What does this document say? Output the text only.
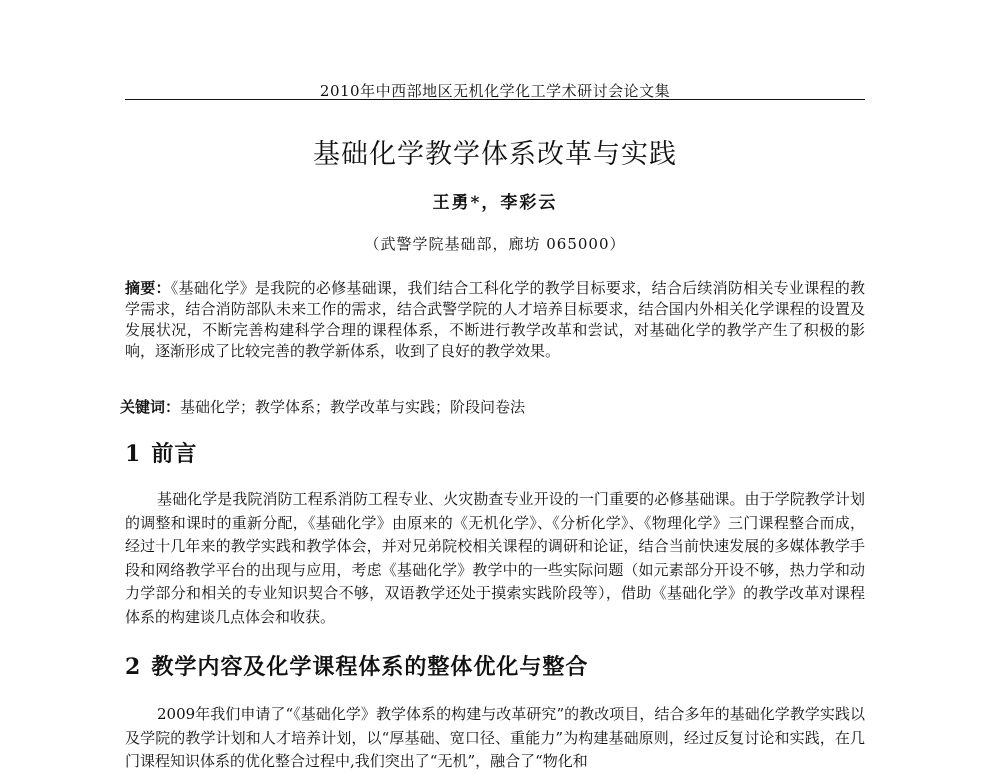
2010年中西部地区无机化学化工学术研讨会论文集
基础化学教学体系改革与实践
王勇*，李彩云
（武警学院基础部，廊坊 065000）
摘要：《基础化学》是我院的必修基础课，我们结合工科化学的教学目标要求，结合后续消防相关专业课程的教学需求，结合消防部队未来工作的需求，结合武警学院的人才培养目标要求，结合国内外相关化学课程的设置及发展状况，不断完善构建科学合理的课程体系，不断进行教学改革和尝试，对基础化学的教学产生了积极的影响，逐渐形成了比较完善的教学新体系，收到了良好的教学效果。
关键词：基础化学；教学体系；教学改革与实践；阶段问卷法
1 前言
基础化学是我院消防工程系消防工程专业、火灾勘查专业开设的一门重要的必修基础课。由于学院教学计划的调整和课时的重新分配，《基础化学》由原来的《无机化学》、《分析化学》、《物理化学》三门课程整合而成，经过十几年来的教学实践和教学体会，并对兄弟院校相关课程的调研和论证，结合当前快速发展的多媒体教学手段和网络教学平台的出现与应用，考虑《基础化学》教学中的一些实际问题（如元素部分开设不够，热力学和动力学部分和相关的专业知识契合不够，双语教学还处于摸索实践阶段等），借助《基础化学》的教学改革对课程体系的构建谈几点体会和收获。
2 教学内容及化学课程体系的整体优化与整合
2009年我们申请了“《基础化学》教学体系的构建与改革研究”的教改项目，结合多年的基础化学教学实践以及学院的教学计划和人才培养计划，以“厚基础、宽口径、重能力”为构建基础原则，经过反复讨论和实践，在几门课程知识体系的优化整合过程中,我们突出了“无机”，融合了“物化和
